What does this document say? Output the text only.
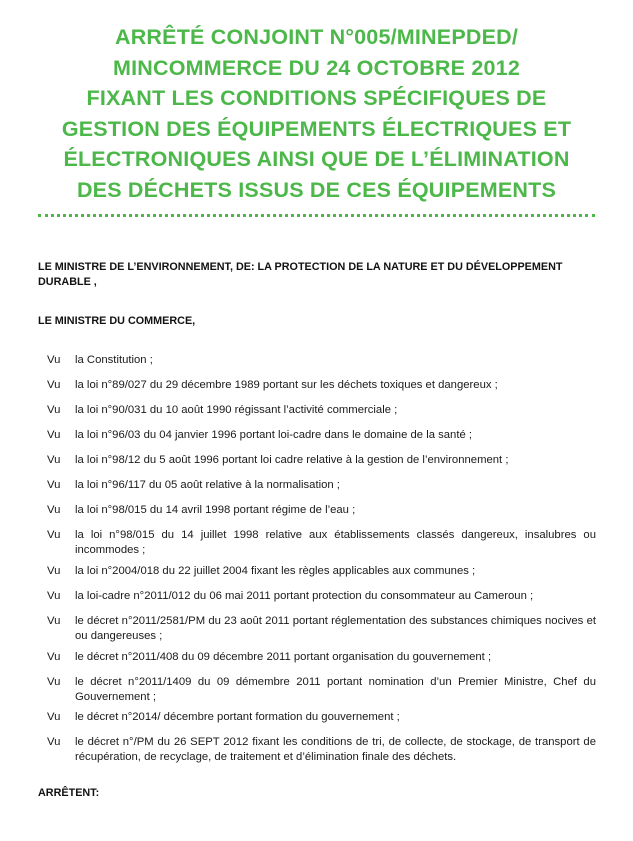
ARRÊTÉ CONJOINT N°005/MINEPDED/
MINCOMMERCE DU 24 OCTOBRE 2012
FIXANT LES CONDITIONS SPÉCIFIQUES DE
GESTION DES ÉQUIPEMENTS ÉLECTRIQUES ET
ÉLECTRONIQUES AINSI QUE DE L’ÉLIMINATION
DES DÉCHETS ISSUS DE CES ÉQUIPEMENTS
LE MINISTRE DE L’ENVIRONNEMENT, DE: LA PROTECTION DE LA NATURE ET DU DÉVELOPPEMENT DURABLE ,
LE MINISTRE DU COMMERCE,
Vu la Constitution ;
Vu la loi n°89/027 du 29 décembre 1989 portant sur les déchets toxiques et dangereux ;
Vu la loi n°90/031 du 10 août 1990 régissant l’activité commerciale ;
Vu la loi n°96/03 du 04 janvier 1996 portant loi-cadre dans le domaine de la santé ;
Vu la loi n°98/12 du 5 août 1996 portant loi cadre relative à la gestion de l’environnement ;
Vu la loi n°96/117 du 05 août relative à la normalisation ;
Vu la loi n°98/015 du 14 avril 1998 portant régime de l’eau ;
Vu la loi n°98/015 du 14 juillet 1998 relative aux établissements classés dangereux, insalubres ou incommodes ;
Vu la loi n°2004/018 du 22 juillet 2004 fixant les règles applicables aux communes ;
Vu la loi-cadre n°2011/012 du 06 mai 2011 portant protection du consommateur au Cameroun ;
Vu le décret n°2011/2581/PM du 23 août 2011 portant réglementation des substances chimiques nocives et ou dangereuses ;
Vu le décret n°2011/408 du 09 décembre 2011 portant organisation du gouvernement ;
Vu le décret n°2011/1409 du 09 démembre 2011 portant nomination d’un Premier Ministre, Chef du Gouvernement ;
Vu le décret n°2014/ décembre portant formation du gouvernement ;
Vu le décret n°/PM du 26 SEPT 2012 fixant les conditions de tri, de collecte, de stockage, de transport de récupération, de recyclage, de traitement et d’élimination finale des déchets.
ARRÊTENT:
